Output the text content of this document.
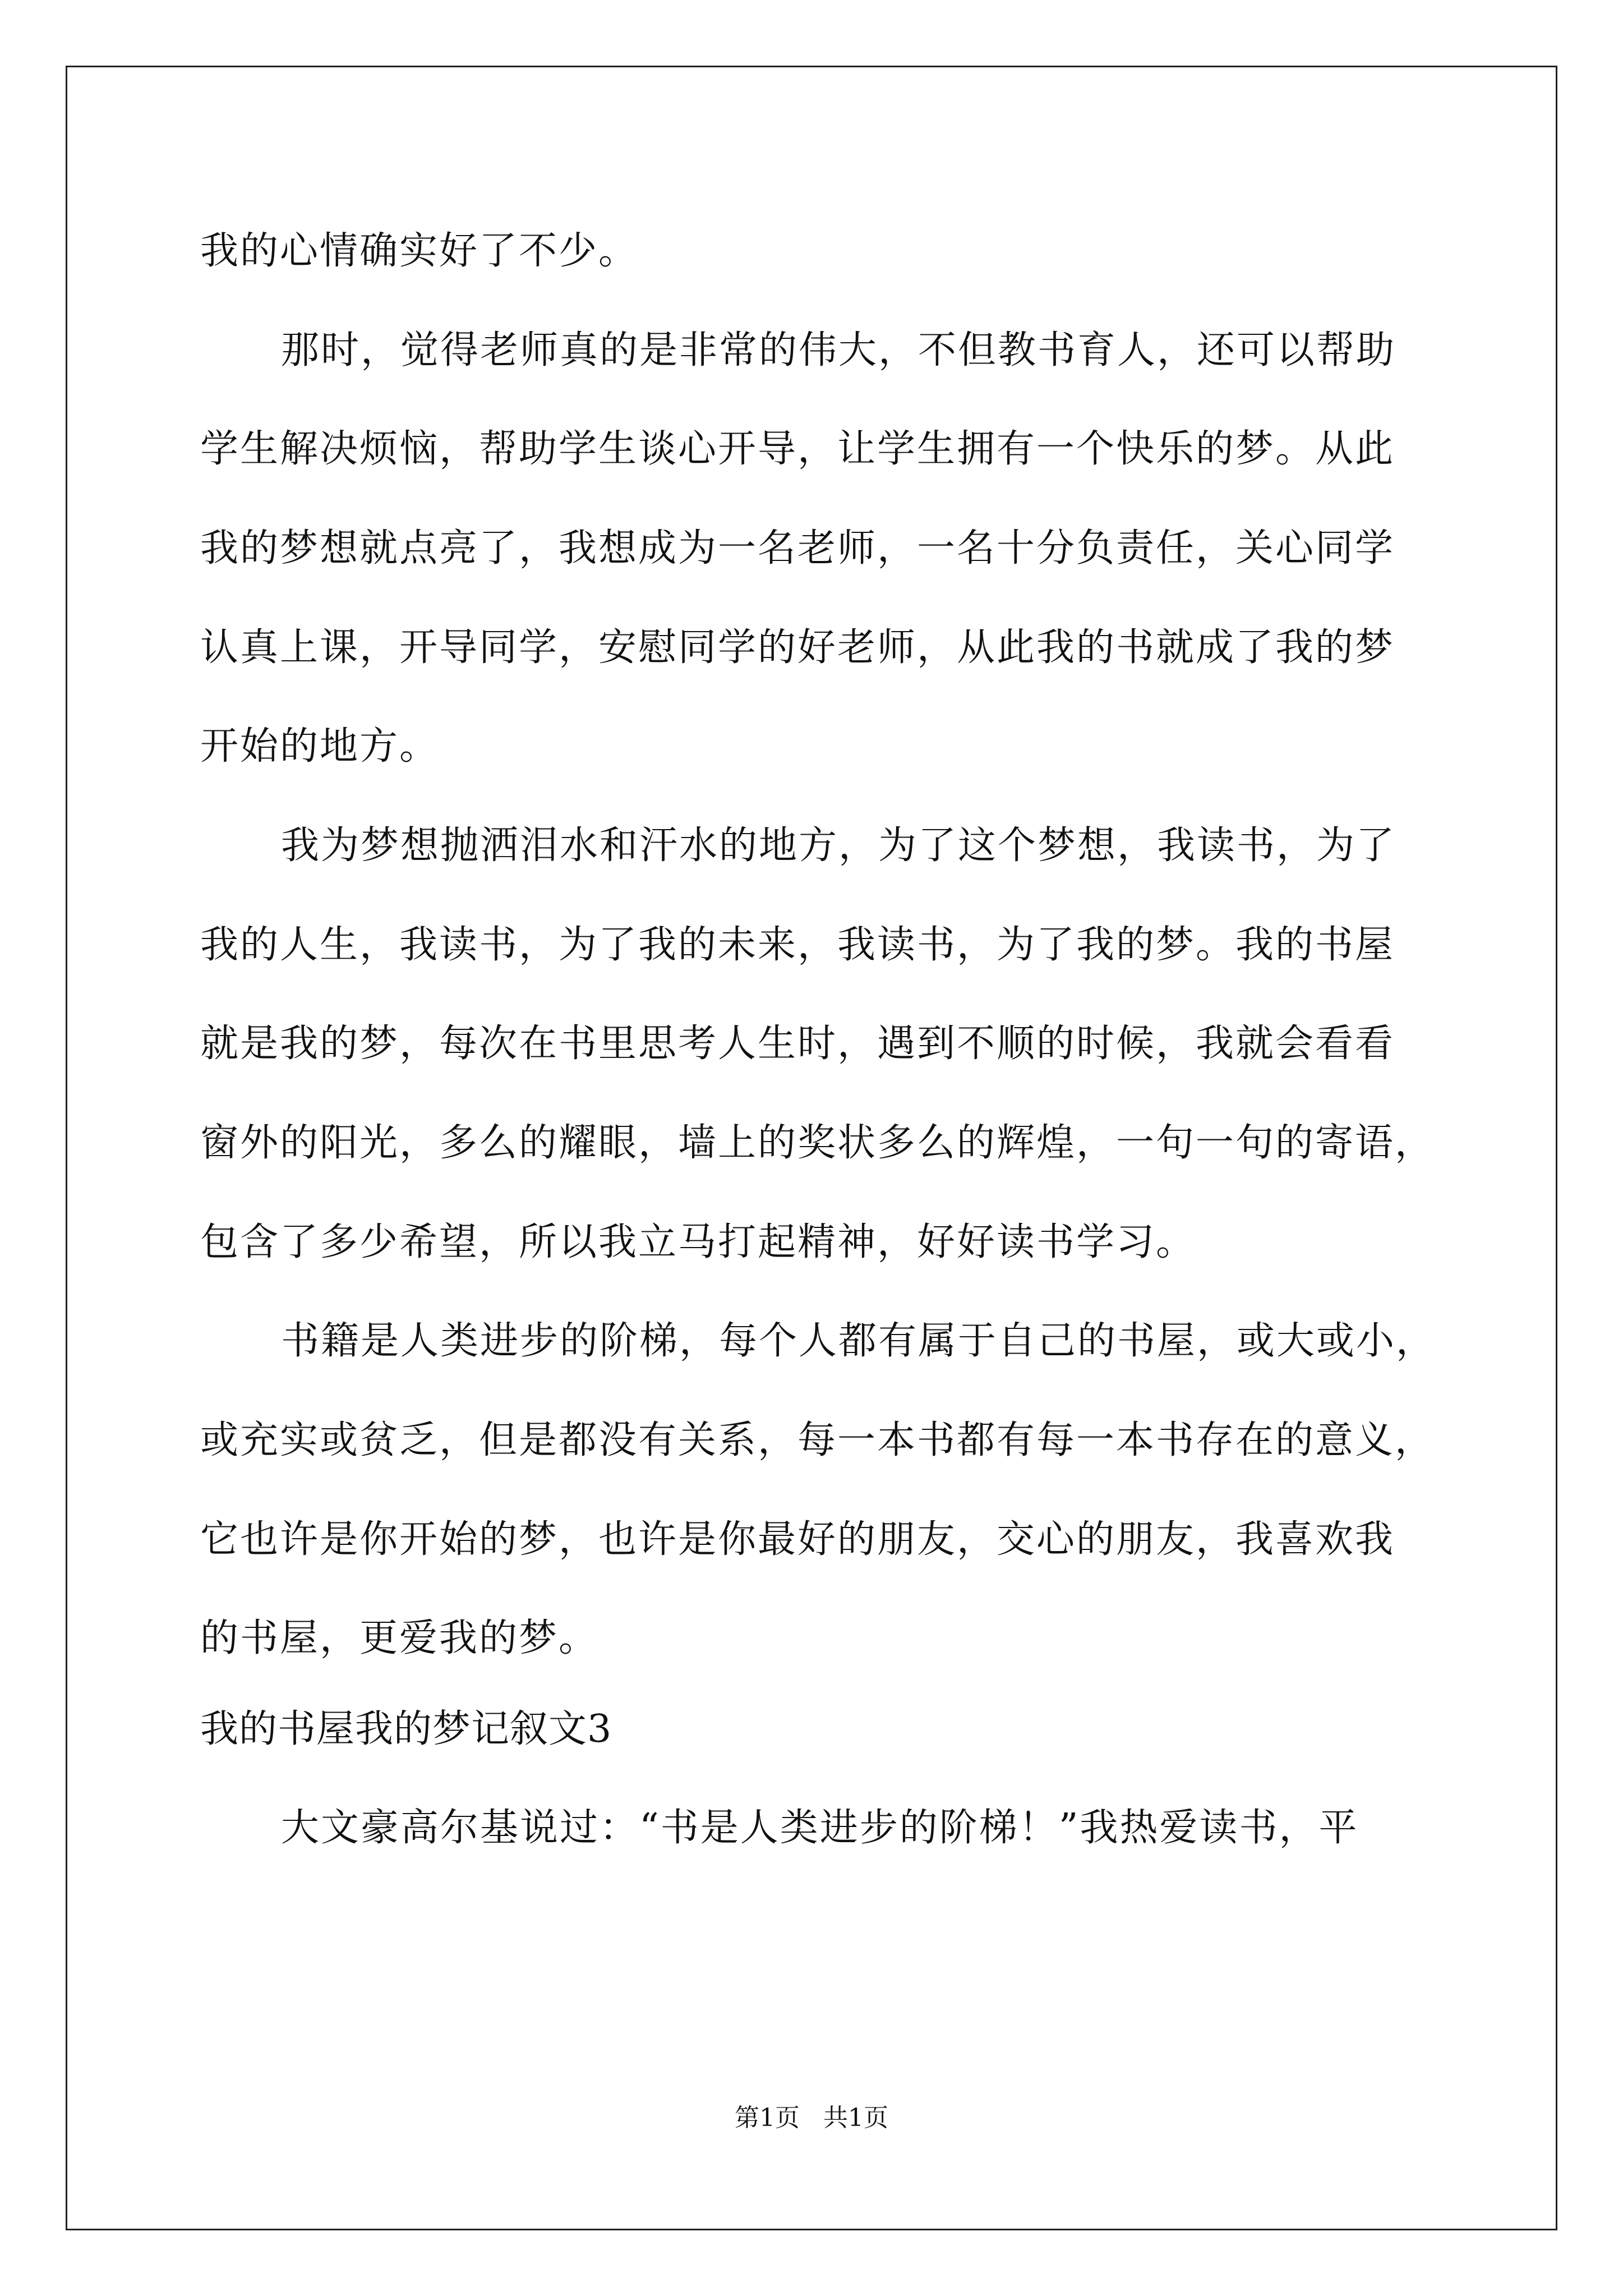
我的心情确实好了不少。
那时，觉得老师真的是非常的伟大，不但教书育人，还可以帮助
学生解决烦恼，帮助学生谈心开导，让学生拥有一个快乐的梦。从此
我的梦想就点亮了，我想成为一名老师，一名十分负责任，关心同学
认真上课，开导同学，安慰同学的好老师，从此我的书就成了我的梦
开始的地方。
我为梦想抛洒泪水和汗水的地方，为了这个梦想，我读书，为了
我的人生，我读书，为了我的未来，我读书，为了我的梦。我的书屋
就是我的梦，每次在书里思考人生时，遇到不顺的时候，我就会看看
窗外的阳光，多么的耀眼，墙上的奖状多么的辉煌，一句一句的寄语，
包含了多少希望，所以我立马打起精神，好好读书学习。
书籍是人类进步的阶梯，每个人都有属于自己的书屋，或大或小，
或充实或贫乏，但是都没有关系，每一本书都有每一本书存在的意义，
它也许是你开始的梦，也许是你最好的朋友，交心的朋友，我喜欢我
的书屋，更爱我的梦。
我的书屋我的梦记叙文3
大文豪高尔基说过：“书是人类进步的阶梯！”我热爱读书，平
第1页   共1页
